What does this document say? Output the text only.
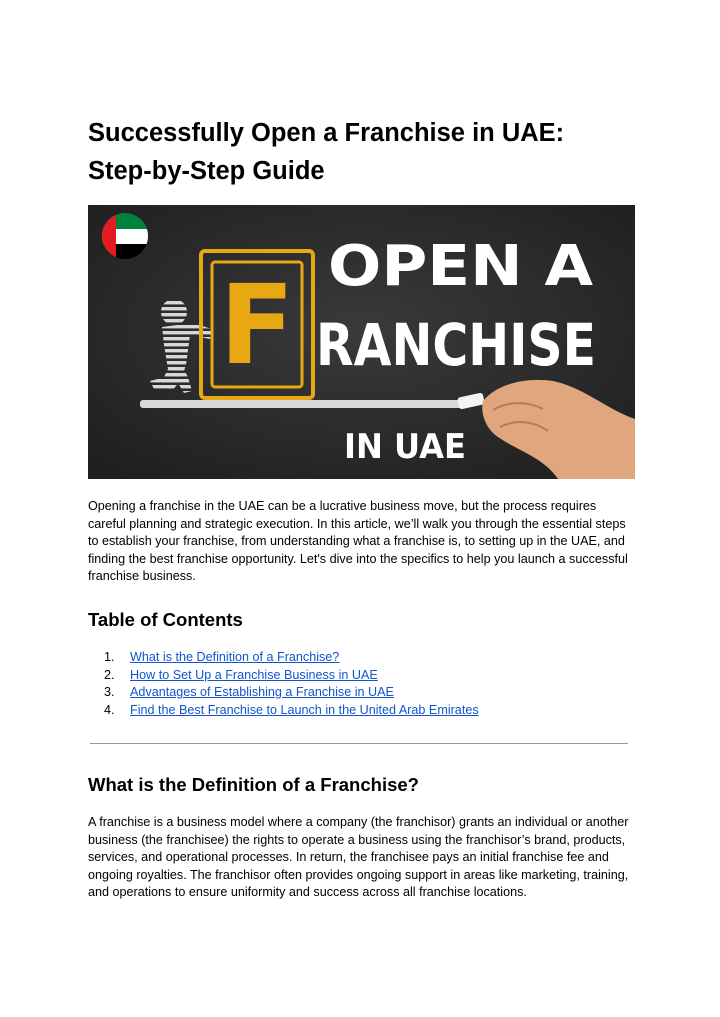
Successfully Open a Franchise in UAE:
Step-by-Step Guide
F OPEN A
RANCHISE
IN UAE

Opening a franchise in the UAE can be a lucrative business move, but the process requires careful planning and strategic execution. In this article, we’ll walk you through the essential steps to establish your franchise, from understanding what a franchise is, to setting up in the UAE, and finding the best franchise opportunity. Let's dive into the specifics to help you launch a successful franchise business.

Table of Contents
1.	What is the Definition of a Franchise?
2.	How to Set Up a Franchise Business in UAE
3.	Advantages of Establishing a Franchise in UAE
4.	Find the Best Franchise to Launch in the United Arab Emirates
What is the Definition of a Franchise?

A franchise is a business model where a company (the franchisor) grants an individual or another business (the franchisee) the rights to operate a business using the franchisor’s brand, products, services, and operational processes. In return, the franchisee pays an initial franchise fee and ongoing royalties. The franchisor often provides ongoing support in areas like marketing, training, and operations to ensure uniformity and success across all franchise locations.
